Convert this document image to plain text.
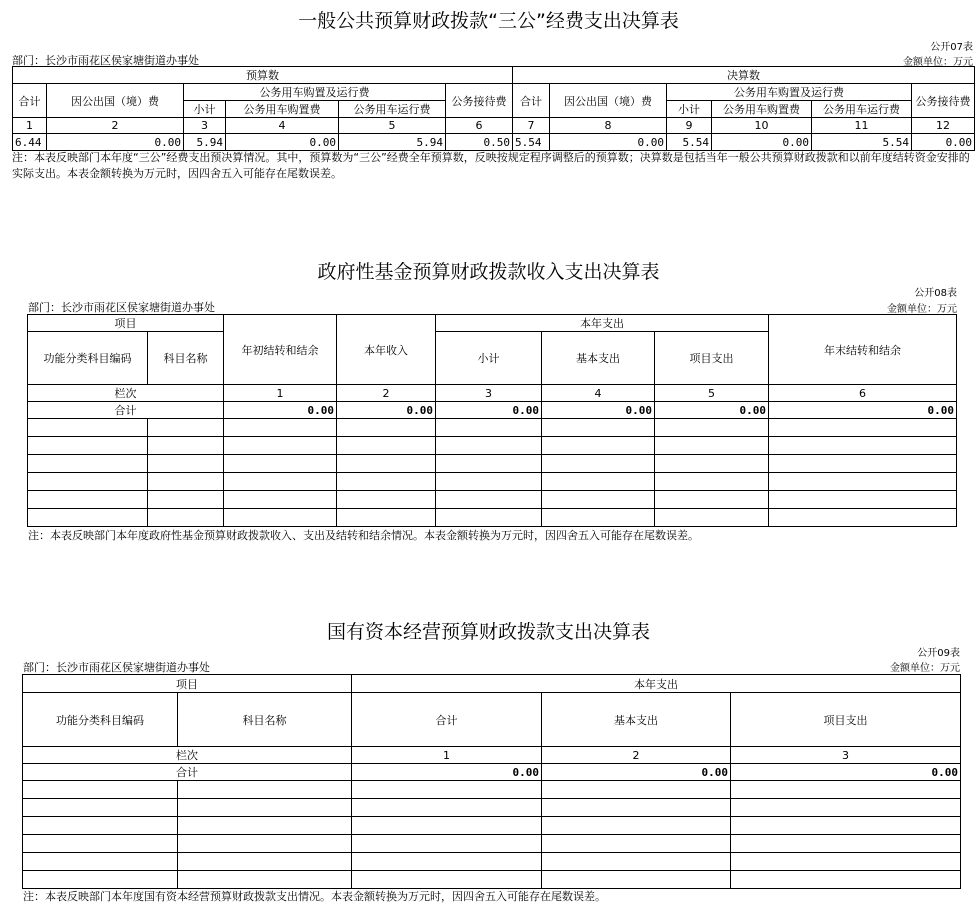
一般公共预算财政拨款“三公”经费支出决算表
公开07表
金额单位：万元
部门：长沙市雨花区侯家塘街道办事处
预算数						决算数					
合计	因公出国（境）费	公务用车购置及运行费			公务接待费	合计	因公出国（境）费	公务用车购置及运行费			公务接待费
		小计	公务用车购置费	公务用车运行费				小计	公务用车购置费	公务用车运行费	
1	2	3	4	5	6	7	8	9	10	11	12
6.44	0.00	5.94	0.00	5.94	0.50	5.54	0.00	5.54	0.00	5.54	0.00
注：本表反映部门本年度“三公”经费支出预决算情况。其中，预算数为“三公”经费全年预算数，反映按规定程序调整后的预算数；决算数是包括当年一般公共预算财政拨款和以前年度结转资金安排的实际支出。本表金额转换为万元时，因四舍五入可能存在尾数误差。
政府性基金预算财政拨款收入支出决算表
公开08表
金额单位：万元
部门：长沙市雨花区侯家塘街道办事处
项目		年初结转和结余	本年收入	本年支出			年末结转和结余
功能分类科目编码	科目名称			小计	基本支出	项目支出	
栏次		1	2	3	4	5	6
合计		0.00	0.00	0.00	0.00	0.00	0.00

注：本表反映部门本年度政府性基金预算财政拨款收入、支出及结转和结余情况。本表金额转换为万元时，因四舍五入可能存在尾数误差。
国有资本经营预算财政拨款支出决算表
公开09表
金额单位：万元
部门：长沙市雨花区侯家塘街道办事处
项目		本年支出		
功能分类科目编码	科目名称	合计	基本支出	项目支出
栏次		1	2	3
合计		0.00	0.00	0.00

注：本表反映部门本年度国有资本经营预算财政拨款支出情况。本表金额转换为万元时，因四舍五入可能存在尾数误差。
